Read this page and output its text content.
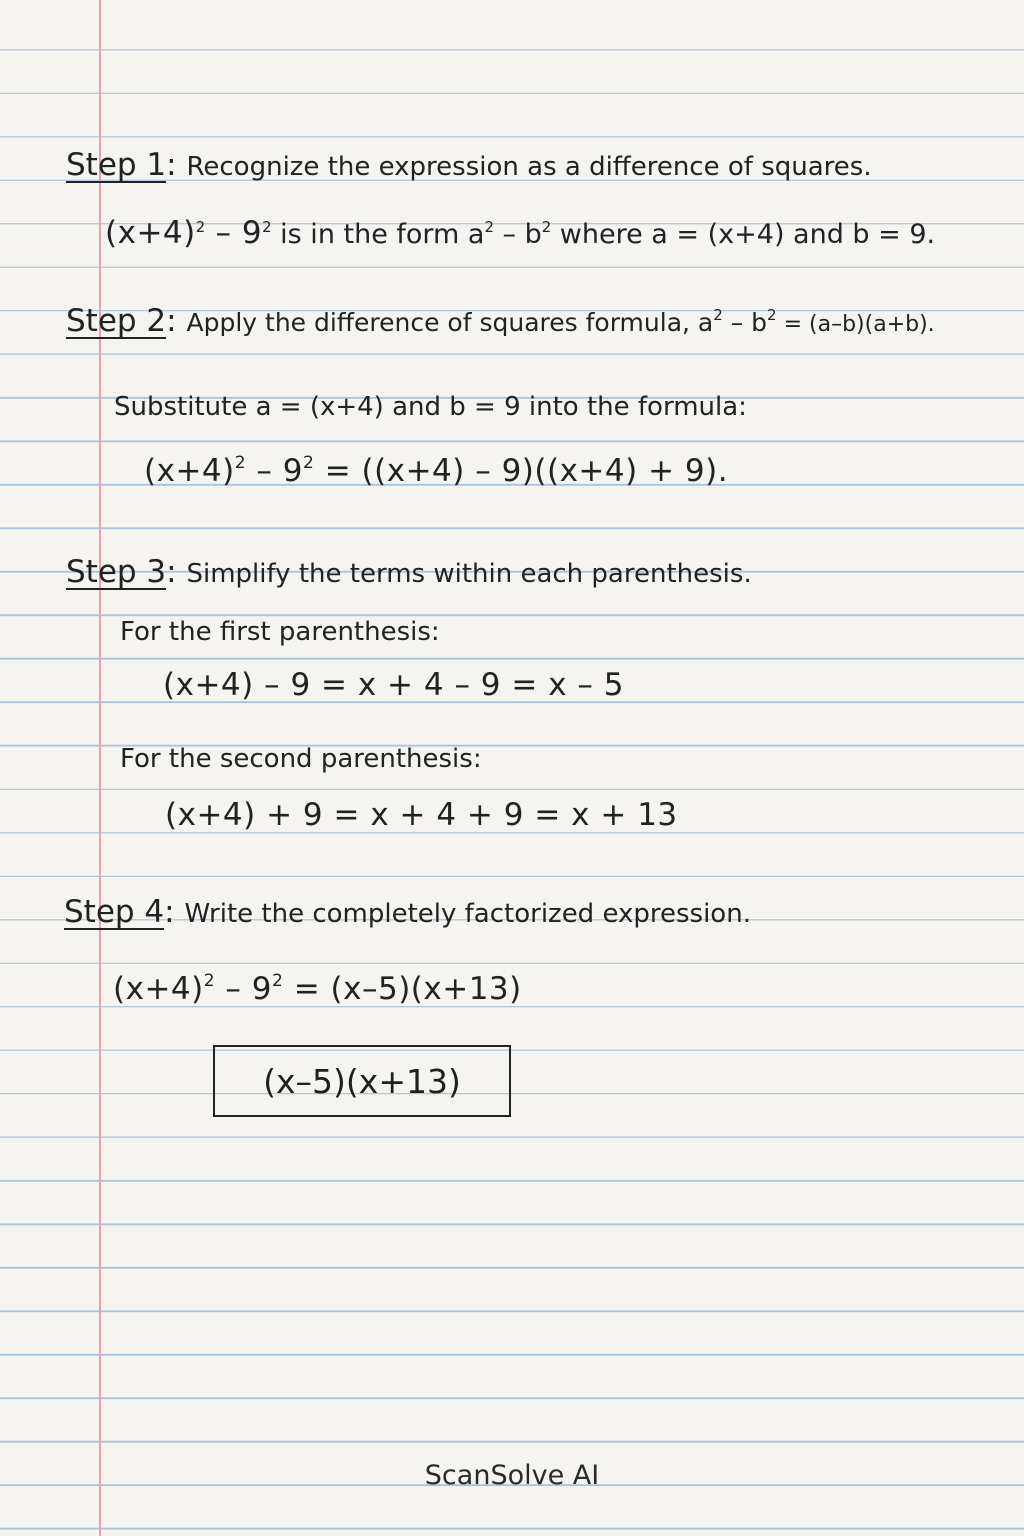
Step 1: Recognize the expression as a difference of squares.
$(x+4)^2 - 9^2$ is in the form $a^2 - b^2$ where a = (x+4) and b = 9.
Step 2: Apply the difference of squares formula, $a^2 - b^2 = (a-b)(a+b)$.
Substitute a = (x+4) and b = 9 into the formula:
$(x+4)^2 - 9^2 = ((x+4) - 9)((x+4) + 9)$.
Step 3: Simplify the terms within each parenthesis.
For the first parenthesis:
(x+4) – 9 = x + 4 – 9 = x – 5
For the second parenthesis:
(x+4) + 9 = x + 4 + 9 = x + 13
Step 4: Write the completely factorized expression.
$(x+4)^2 - 9^2 = (x-5)(x+13)$
(x–5)(x+13)
ScanSolve AI
